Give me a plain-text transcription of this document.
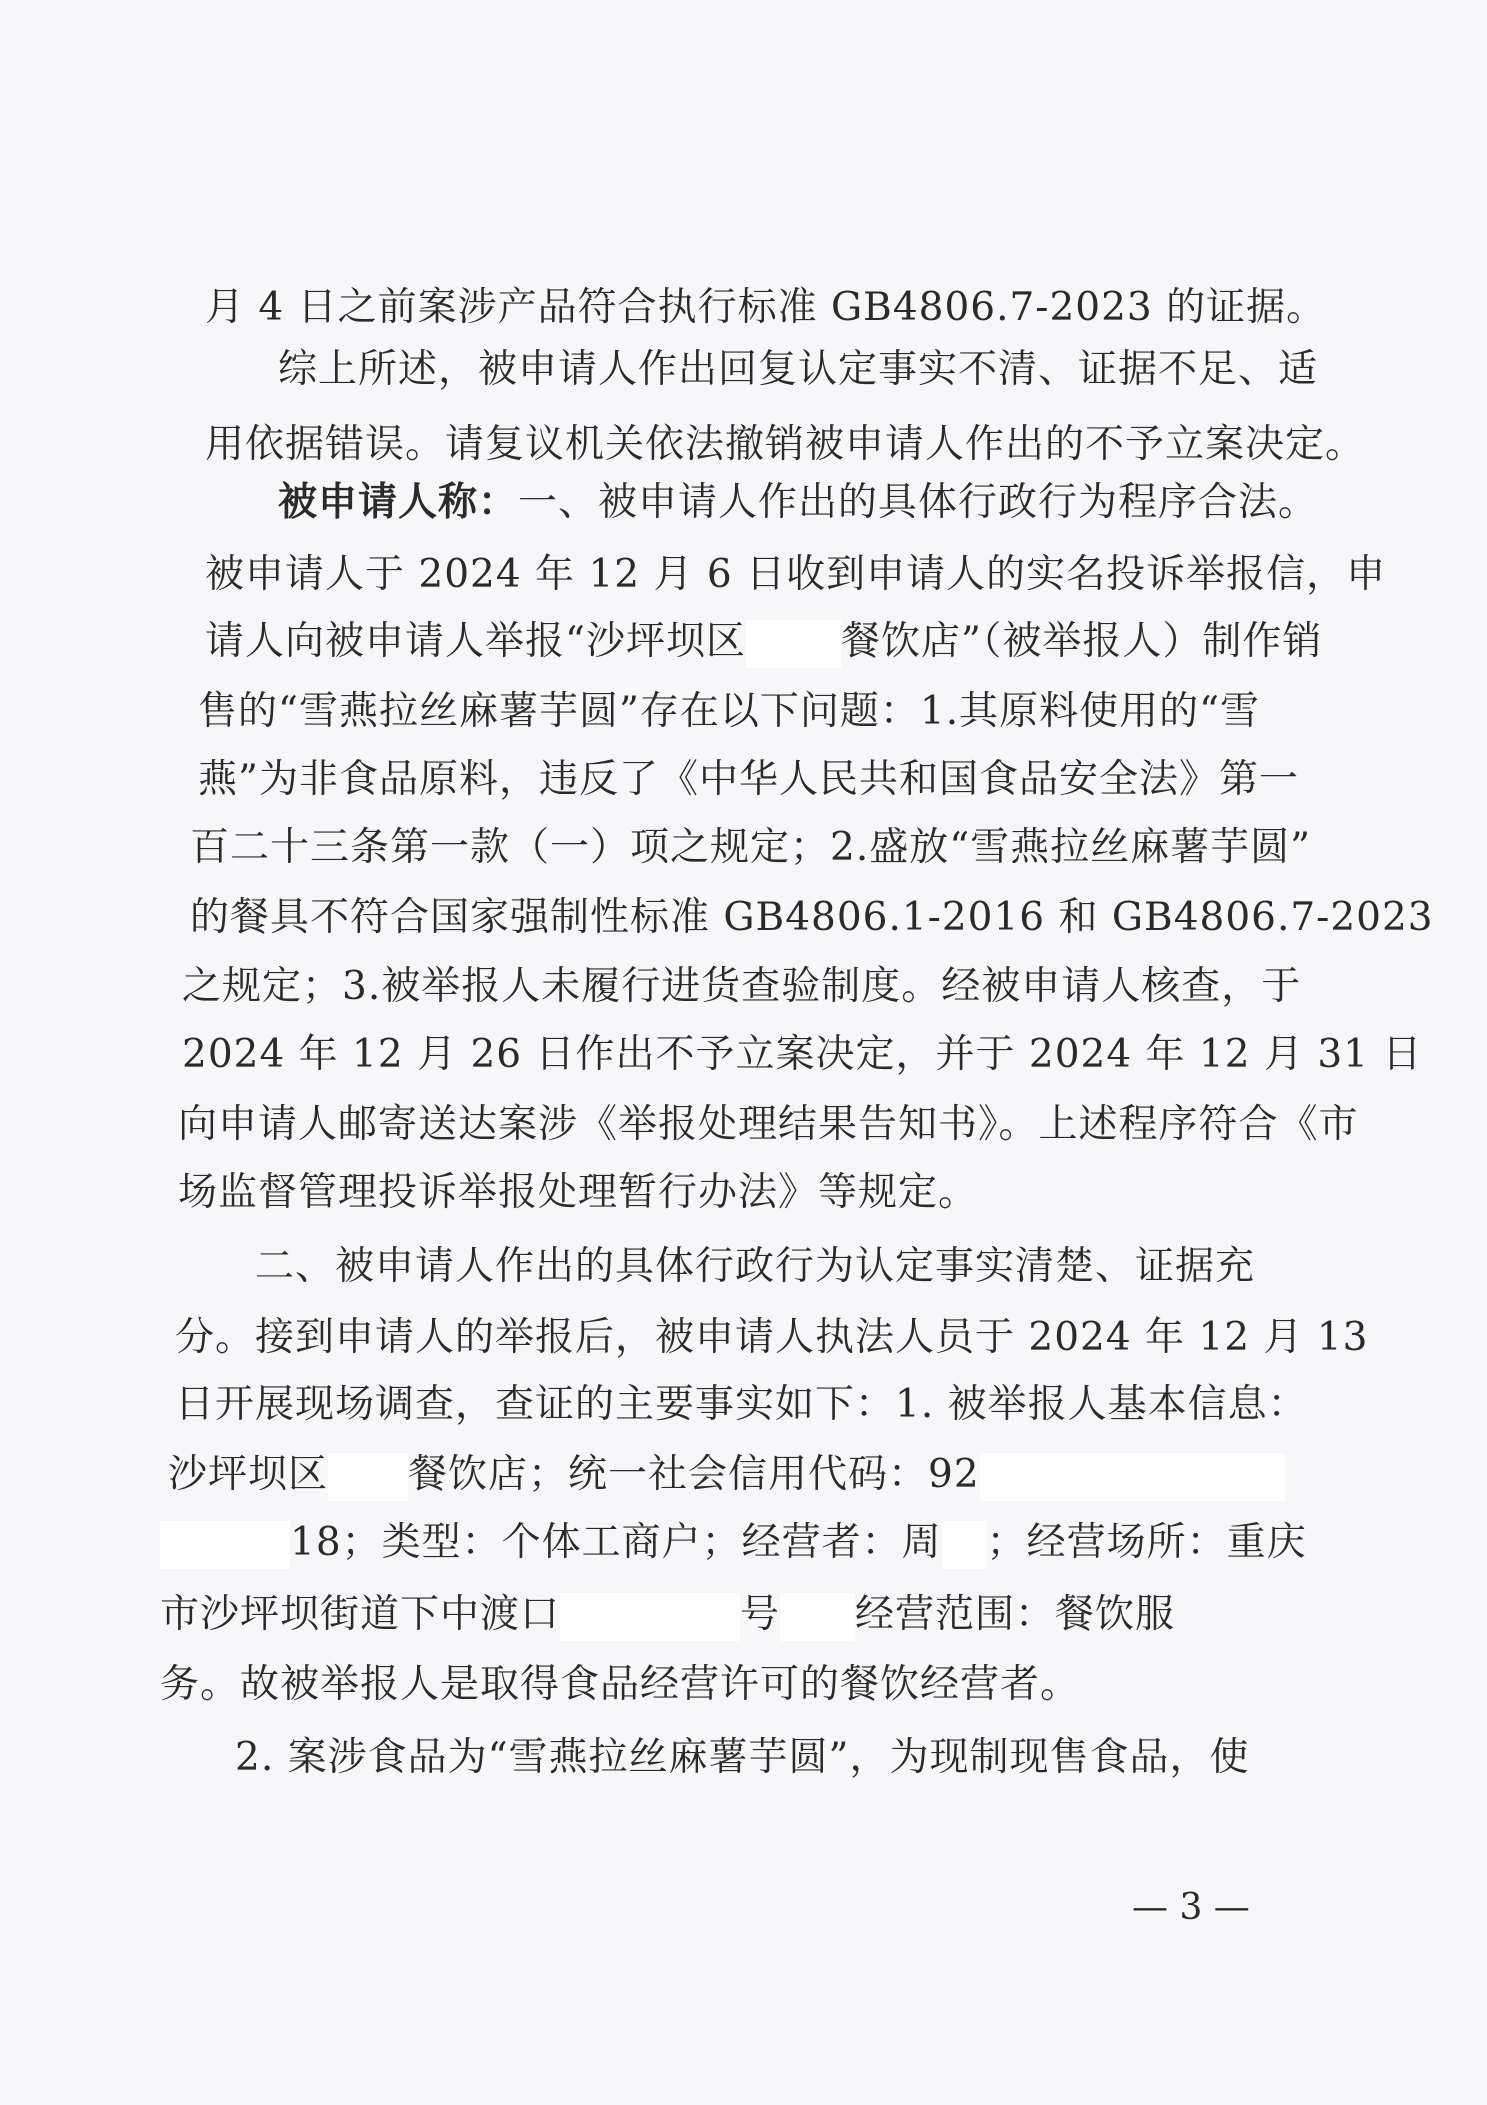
月 4 日之前案涉产品符合执行标准 GB4806.7-2023 的证据。
综上所述，被申请人作出回复认定事实不清、证据不足、适
用依据错误。请复议机关依法撤销被申请人作出的不予立案决定。
被申请人称：一、被申请人作出的具体行政行为程序合法。
被申请人于 2024 年 12 月 6 日收到申请人的实名投诉举报信，申
请人向被申请人举报“沙坪坝区 餐饮店”（被举报人）制作销
售的“雪燕拉丝麻薯芋圆”存在以下问题：1.其原料使用的“雪
燕”为非食品原料，违反了《中华人民共和国食品安全法》第一
百二十三条第一款（一）项之规定；2.盛放“雪燕拉丝麻薯芋圆”
的餐具不符合国家强制性标准 GB4806.1-2016 和 GB4806.7-2023
之规定；3.被举报人未履行进货查验制度。经被申请人核查，于
2024 年 12 月 26 日作出不予立案决定，并于 2024 年 12 月 31 日
向申请人邮寄送达案涉《举报处理结果告知书》。上述程序符合《市
场监督管理投诉举报处理暂行办法》等规定。
二、被申请人作出的具体行政行为认定事实清楚、证据充
分。接到申请人的举报后，被申请人执法人员于 2024 年 12 月 13
日开展现场调查，查证的主要事实如下：1. 被举报人基本信息：
沙坪坝区 餐饮店；统一社会信用代码：92
18；类型：个体工商户；经营者：周 ；经营场所：重庆
市沙坪坝街道下中渡口	号 经营范围：餐饮服
务。故被举报人是取得食品经营许可的餐饮经营者。
2. 案涉食品为“雪燕拉丝麻薯芋圆”，为现制现售食品，使
— 3 —
